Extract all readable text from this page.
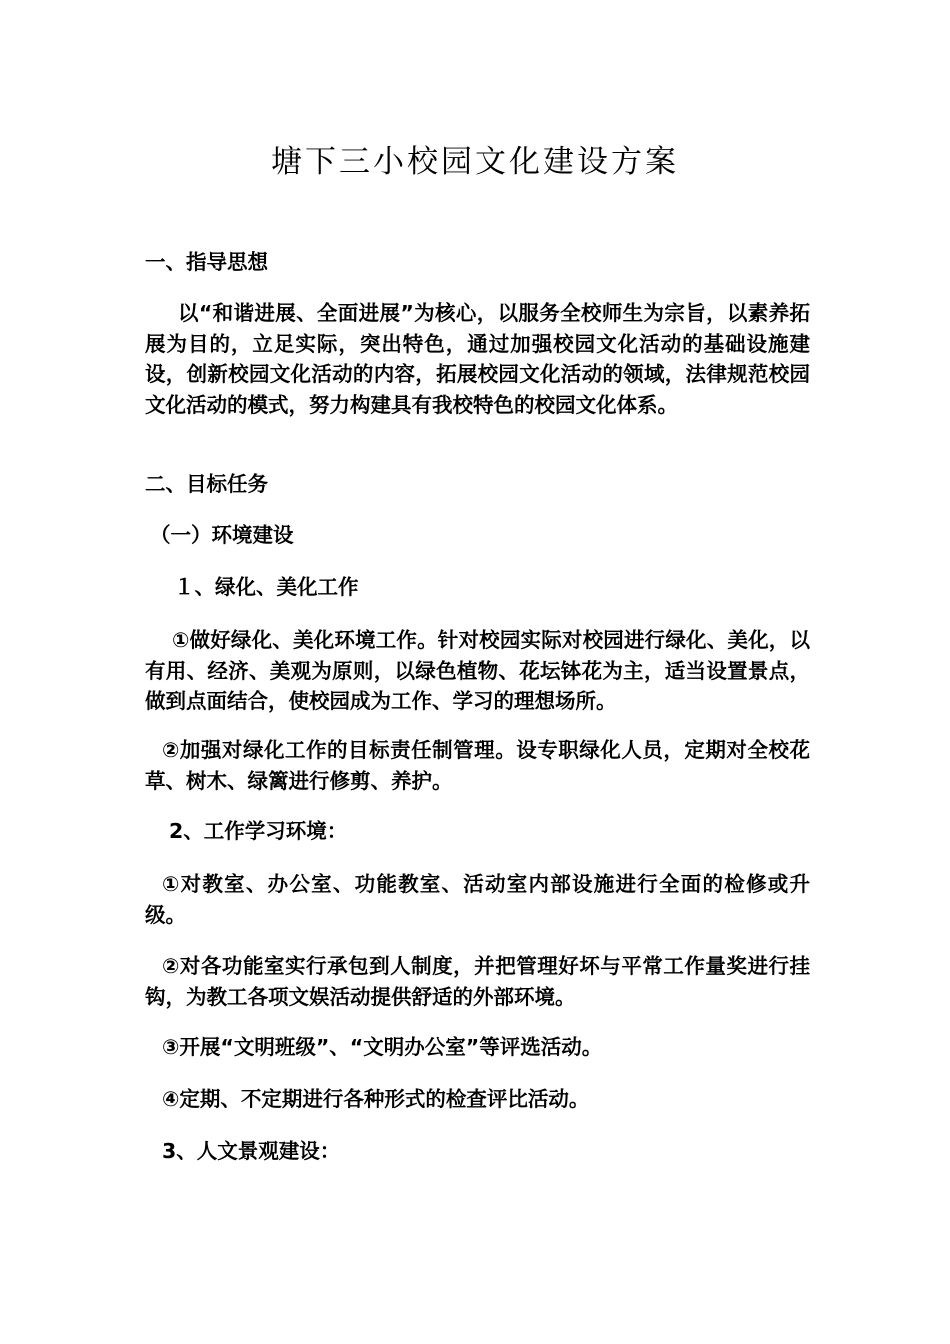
塘下三小校园文化建设方案
一、指导思想
以“和谐进展、全面进展”为核心，以服务全校师生为宗旨，以素养拓展为目的，立足实际，突出特色，通过加强校园文化活动的基础设施建设，创新校园文化活动的内容，拓展校园文化活动的领域，法律规范校园文化活动的模式，努力构建具有我校特色的校园文化体系。
二、目标任务
（一）环境建设
１、绿化、美化工作
①做好绿化、美化环境工作。针对校园实际对校园进行绿化、美化，以有用、经济、美观为原则，以绿色植物、花坛钵花为主，适当设置景点，做到点面结合，使校园成为工作、学习的理想场所。
②加强对绿化工作的目标责任制管理。设专职绿化人员，定期对全校花草、树木、绿篱进行修剪、养护。
2、工作学习环境：
①对教室、办公室、功能教室、活动室内部设施进行全面的检修或升级。
②对各功能室实行承包到人制度，并把管理好坏与平常工作量奖进行挂钩，为教工各项文娱活动提供舒适的外部环境。
③开展“文明班级”、“文明办公室”等评选活动。
④定期、不定期进行各种形式的检查评比活动。
3、人文景观建设：
